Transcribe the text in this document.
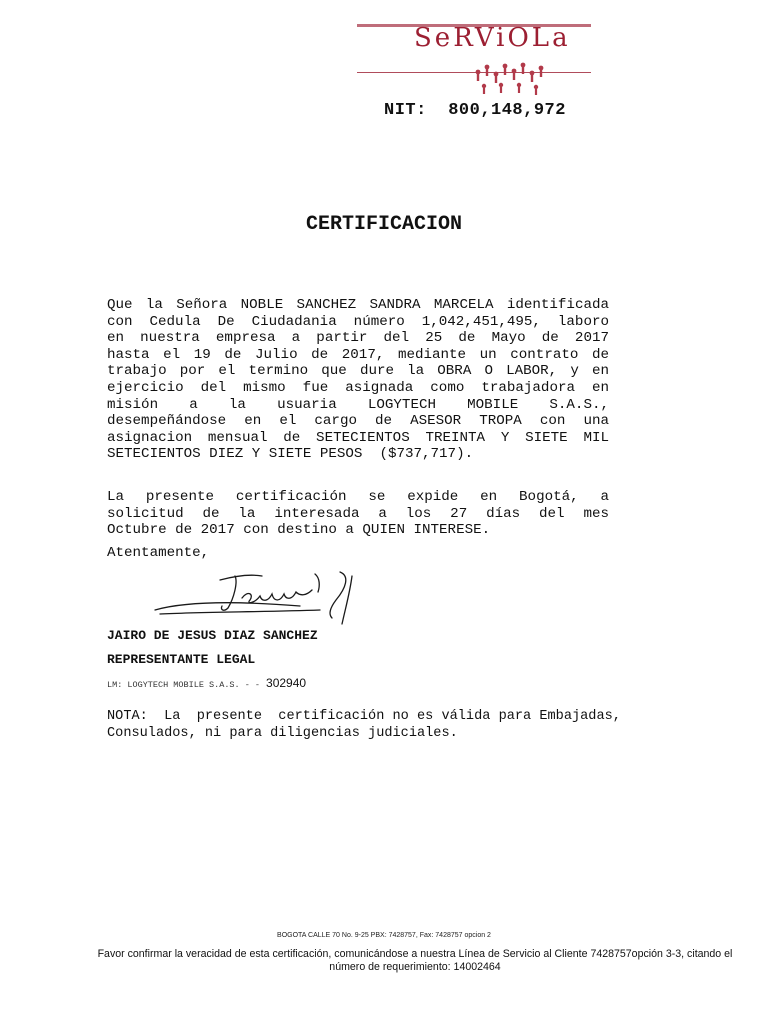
SeRViOLa
NIT: 800,148,972
CERTIFICACION
Que la Señora NOBLE SANCHEZ SANDRA MARCELA identificada
con Cedula De Ciudadania número 1,042,451,495, laboro
en nuestra empresa a partir del 25 de Mayo de 2017
hasta el 19 de Julio de 2017, mediante un contrato de
trabajo por el termino que dure la OBRA O LABOR, y en
ejercicio del mismo fue asignada como trabajadora en
misión a la usuaria LOGYTECH MOBILE S.A.S.,
desempeñándose en el cargo de ASESOR TROPA con una
asignacion mensual de SETECIENTOS TREINTA Y SIETE MIL
SETECIENTOS DIEZ Y SIETE PESOS  ($737,717).
La presente certificación se expide en Bogotá, a
solicitud de la interesada a los 27 días del mes
Octubre de 2017 con destino a QUIEN INTERESE.
Atentamente,
JAIRO DE JESUS DIAZ SANCHEZ
REPRESENTANTE LEGAL
LM: LOGYTECH MOBILE S.A.S. - - 302940
NOTA:  La  presente  certificación no es válida para Embajadas,
Consulados, ni para diligencias judiciales.
BOGOTA CALLE 70 No. 9-25 PBX: 7428757, Fax: 7428757 opcion 2
Favor confirmar la veracidad de esta certificación, comunicándose a nuestra Línea de Servicio al Cliente 7428757opción 3-3, citando el número de requerimiento: 14002464
